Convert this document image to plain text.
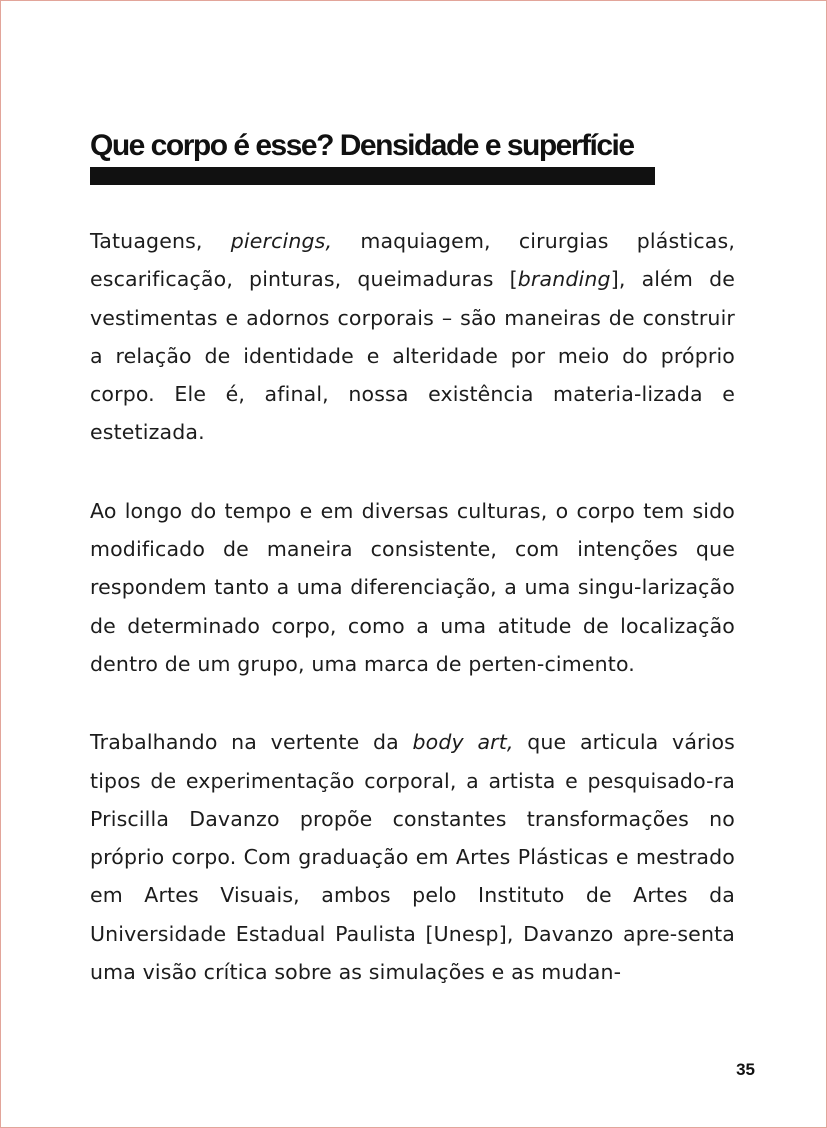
Que corpo é esse? Densidade e superfície

Tatuagens, piercings, maquiagem, cirurgias plásticas, escarificação, pinturas, queimaduras [branding], além de vestimentas e adornos corporais – são maneiras de construir a relação de identidade e alteridade por meio do próprio corpo. Ele é, afinal, nossa existência materia-lizada e estetizada.

Ao longo do tempo e em diversas culturas, o corpo tem sido modificado de maneira consistente, com intenções que respondem tanto a uma diferenciação, a uma singu-larização de determinado corpo, como a uma atitude de localização dentro de um grupo, uma marca de perten-cimento.

Trabalhando na vertente da body art, que articula vários tipos de experimentação corporal, a artista e pesquisado-ra Priscilla Davanzo propõe constantes transformações no próprio corpo. Com graduação em Artes Plásticas e mestrado em Artes Visuais, ambos pelo Instituto de Artes da Universidade Estadual Paulista [Unesp], Davanzo apre-senta uma visão crítica sobre as simulações e as mudan-

35
